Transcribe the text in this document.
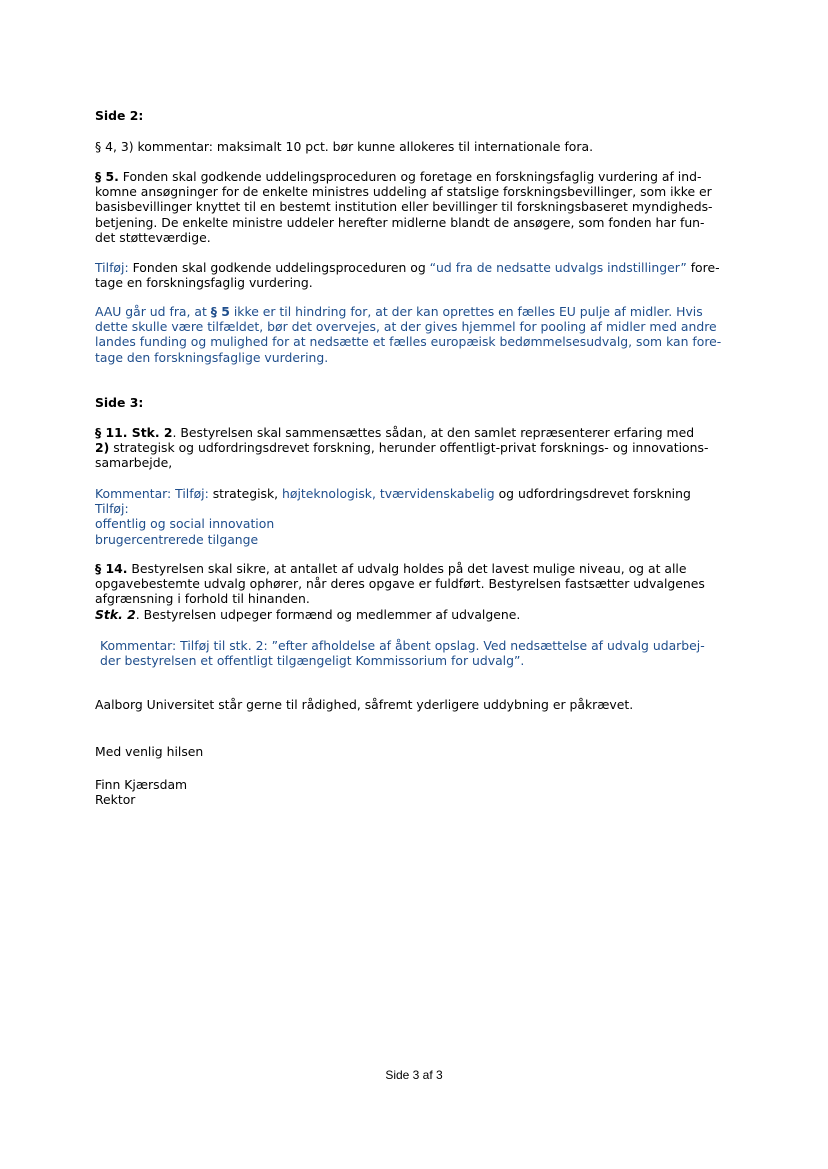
Side 2:
§ 4, 3) kommentar: maksimalt 10 pct. bør kunne allokeres til internationale fora.
§ 5. Fonden skal godkende uddelingsproceduren og foretage en forskningsfaglig vurdering af ind-
komne ansøgninger for de enkelte ministres uddeling af statslige forskningsbevillinger, som ikke er
basisbevillinger knyttet til en bestemt institution eller bevillinger til forskningsbaseret myndigheds-
betjening. De enkelte ministre uddeler herefter midlerne blandt de ansøgere, som fonden har fun-
det støtteværdige.
Tilføj: Fonden skal godkende uddelingsproceduren og “ud fra de nedsatte udvalgs indstillinger” fore-
tage en forskningsfaglig vurdering.
AAU går ud fra, at § 5 ikke er til hindring for, at der kan oprettes en fælles EU pulje af midler. Hvis
dette skulle være tilfældet, bør det overvejes, at der gives hjemmel for pooling af midler med andre
landes funding og mulighed for at nedsætte et fælles europæisk bedømmelsesudvalg, som kan fore-
tage den forskningsfaglige vurdering.
Side 3:
§ 11. Stk. 2. Bestyrelsen skal sammensættes sådan, at den samlet repræsenterer erfaring med
2) strategisk og udfordringsdrevet forskning, herunder offentligt-privat forsknings- og innovations-
samarbejde,
Kommentar: Tilføj: strategisk, højteknologisk, tværvidenskabelig og udfordringsdrevet forskning
Tilføj:
offentlig og social innovation
brugercentrerede tilgange
§ 14. Bestyrelsen skal sikre, at antallet af udvalg holdes på det lavest mulige niveau, og at alle
opgavebestemte udvalg ophører, når deres opgave er fuldført. Bestyrelsen fastsætter udvalgenes
afgrænsning i forhold til hinanden.
Stk. 2. Bestyrelsen udpeger formænd og medlemmer af udvalgene.
Kommentar: Tilføj til stk. 2: ”efter afholdelse af åbent opslag. Ved nedsættelse af udvalg udarbej-
der bestyrelsen et offentligt tilgængeligt Kommissorium for udvalg”.
Aalborg Universitet står gerne til rådighed, såfremt yderligere uddybning er påkrævet.
Med venlig hilsen
Finn Kjærsdam
Rektor
Side 3 af 3
